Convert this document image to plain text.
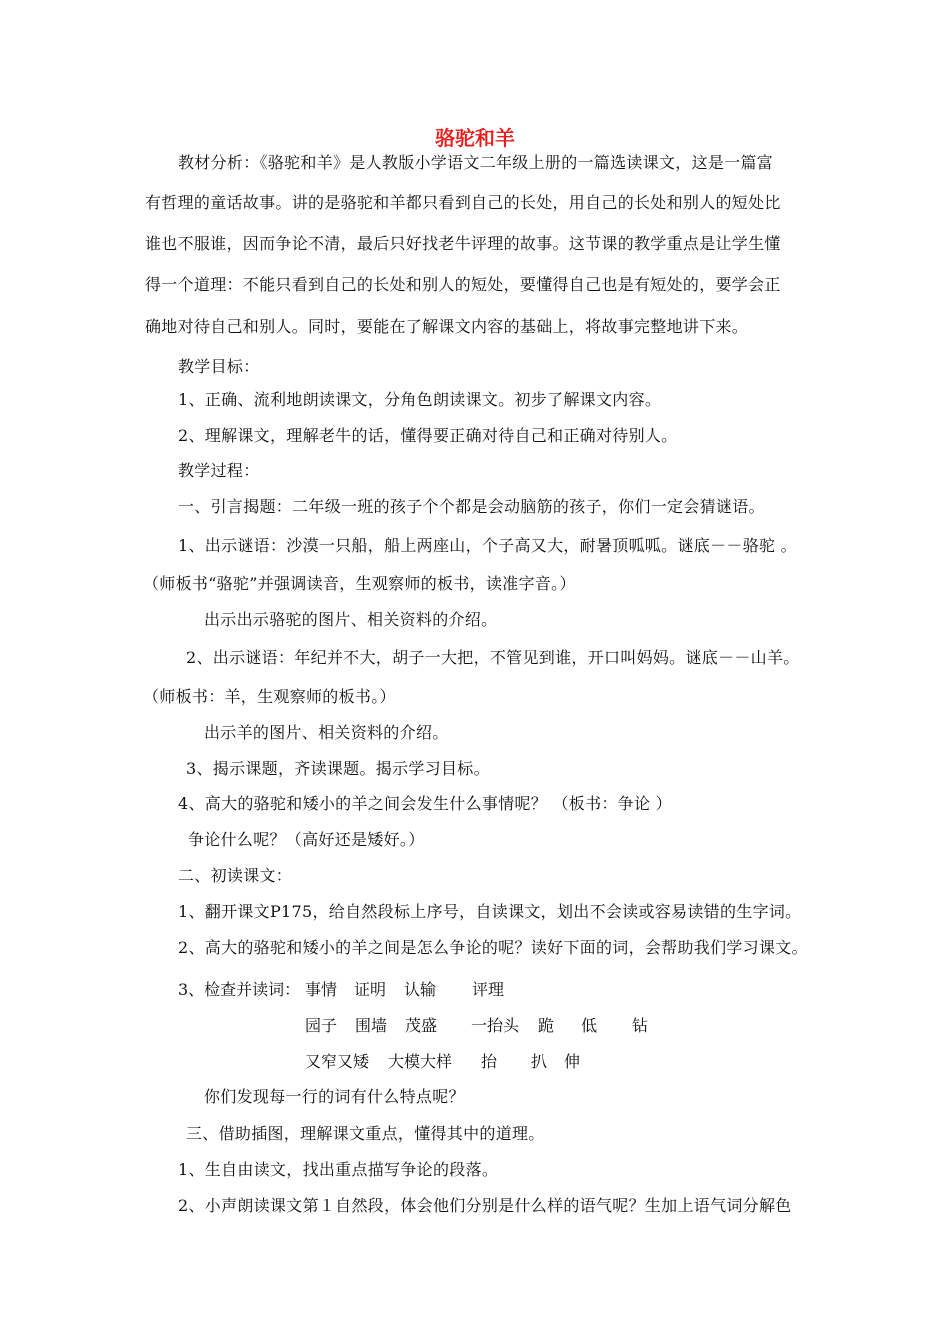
骆驼和羊
教材分析：《骆驼和羊》是人教版小学语文二年级上册的一篇选读课文，这是一篇富
有哲理的童话故事。讲的是骆驼和羊都只看到自己的长处，用自己的长处和别人的短处比
谁也不服谁，因而争论不清，最后只好找老牛评理的故事。这节课的教学重点是让学生懂
得一个道理：不能只看到自己的长处和别人的短处，要懂得自己也是有短处的，要学会正
确地对待自己和别人。同时，要能在了解课文内容的基础上，将故事完整地讲下来。
教学目标：
1、正确、流利地朗读课文，分角色朗读课文。初步了解课文内容。
2、理解课文，理解老牛的话，懂得要正确对待自己和正确对待别人。
教学过程：
一、引言揭题：二年级一班的孩子个个都是会动脑筋的孩子，你们一定会猜谜语。
1、出示谜语：沙漠一只船，船上两座山，个子高又大，耐暑顶呱呱。谜底－－骆驼 。
（师板书“骆驼”并强调读音，生观察师的板书，读准字音。）
出示出示骆驼的图片、相关资料的介绍。
2、出示谜语：年纪并不大，胡子一大把，不管见到谁，开口叫妈妈。谜底－－山羊。
（师板书：羊，生观察师的板书。）
出示羊的图片、相关资料的介绍。
3、揭示课题，齐读课题。揭示学习目标。
4、高大的骆驼和矮小的羊之间会发生什么事情呢？ （板书：争论 ）
争论什么呢？（高好还是矮好。）
二、初读课文：
1、翻开课文P175，给自然段标上序号，自读课文，划出不会读或容易读错的生字词。
2、高大的骆驼和矮小的羊之间是怎么争论的呢？读好下面的词，会帮助我们学习课文。
3、检查并读词： 事情 证明 认输 评理
园子 围墙 茂盛 一抬头 跪 低 钻
又窄又矮 大模大样 抬 扒 伸
你们发现每一行的词有什么特点呢？
三、借助插图，理解课文重点，懂得其中的道理。
1、生自由读文，找出重点描写争论的段落。
2、小声朗读课文第１自然段，体会他们分别是什么样的语气呢？生加上语气词分解色
